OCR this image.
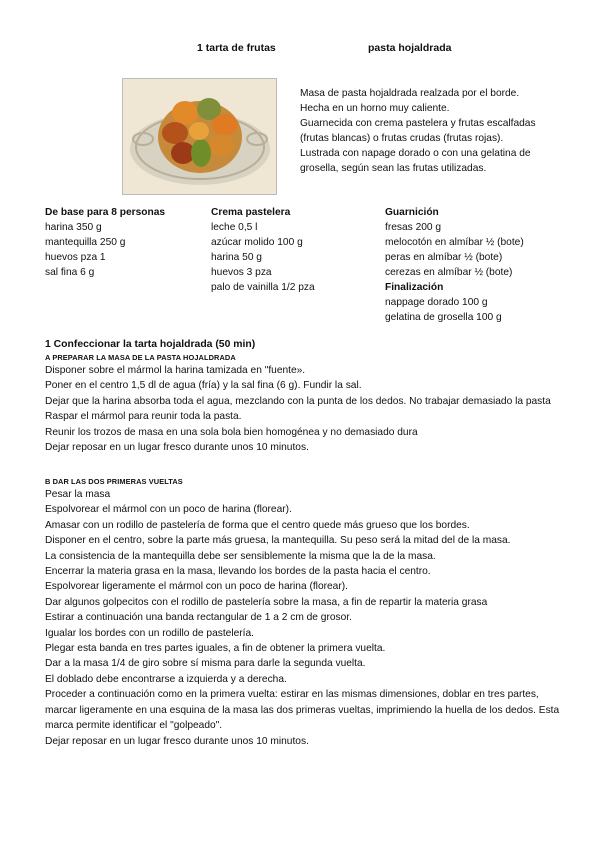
1 tarta de frutas	pasta hojaldrada
Masa de pasta hojaldrada realzada por el borde.
Hecha en un horno muy caliente.
Guarnecida con crema pastelera y frutas escalfadas
(frutas blancas) o frutas crudas (frutas rojas).
Lustrada con napage dorado o con una gelatina de
grosella, según sean las frutas utilizadas.
De base para 8 personas
harina 350 g
mantequilla 250 g
huevos pza 1
sal fina 6 g
Crema pastelera
leche 0,5 l
azúcar molido 100 g
harina 50 g
huevos 3 pza
palo de vainilla 1/2 pza
Guarnición
fresas 200 g
melocotón en almíbar ½ (bote)
peras en almíbar ½ (bote)
cerezas en almíbar ½ (bote)
Finalización
nappage dorado 100 g
gelatina de grosella 100 g
1 Confeccionar la tarta hojaldrada (50 min)
A PREPARAR LA MASA DE LA PASTA HOJALDRADA
Disponer sobre el mármol la harina tamizada en "fuente».
Poner en el centro 1,5 dl de agua (fría) y la sal fina (6 g). Fundir la sal.
Dejar que la harina absorba toda el agua, mezclando con la punta de los dedos. No trabajar demasiado la pasta
Raspar el mármol para reunir toda la pasta.
Reunir los trozos de masa en una sola bola bien homogénea y no demasiado dura
Dejar reposar en un lugar fresco durante unos 10 minutos.
B DAR LAS DOS PRIMERAS VUELTAS
Pesar la masa
Espolvorear el mármol con un poco de harina (florear).
Amasar con un rodillo de pastelería de forma que el centro quede más grueso que los bordes.
Disponer en el centro, sobre la parte más gruesa, la mantequilla. Su peso será la mitad del de la masa.
La consistencia de la mantequilla debe ser sensiblemente la misma que la de la masa.
Encerrar la materia grasa en la masa, llevando los bordes de la pasta hacia el centro.
Espolvorear ligeramente el mármol con un poco de harina (florear).
Dar algunos golpecitos con el rodillo de pastelería sobre la masa, a fin de repartir la materia grasa
Estirar a continuación una banda rectangular de 1 a 2 cm de grosor.
Igualar los bordes con un rodillo de pastelería.
Plegar esta banda en tres partes iguales, a fin de obtener la primera vuelta.
Dar a la masa 1/4 de giro sobre sí misma para darle la segunda vuelta.
El doblado debe encontrarse a izquierda y a derecha.
Proceder a continuación como en la primera vuelta: estirar en las mismas dimensiones, doblar en tres partes, marcar ligeramente en una esquina de la masa las dos primeras vueltas, imprimiendo la huella de los dedos. Esta marca permite identificar el "golpeado".
Dejar reposar en un lugar fresco durante unos 10 minutos.
